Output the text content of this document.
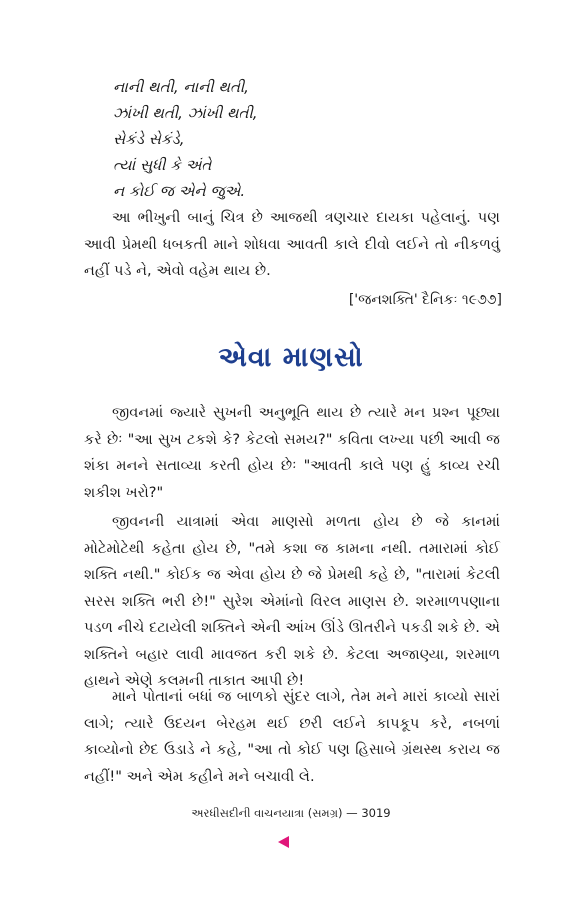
નાની થતી, નાની થતી,
ઝાંખી થતી, ઝાંખી થતી,
સેકંડે સેકંડે,
ત્યાં સુધી કે અંતે
ન કોઈ જ એને જુએ.

આ ભીખુની બાનું ચિત્ર છે આજથી ત્રણચાર દાયકા પહેલાનું. પણ આવી પ્રેમથી ધબકતી માને શોધવા આવતી કાલે દીવો લઈને તો નીકળવું નહીં પડે ને, એવો વહેમ થાય છે.

['જનશક્તિ' દૈનિકઃ ૧૯૭૭]
એવા માણસો

જીવનમાં જ્યારે સુખની અનુભૂતિ થાય છે ત્યારે મન પ્રશ્ન પૂછ્યા કરે છેઃ "આ સુખ ટકશે કે? કેટલો સમય?" કવિતા લખ્યા પછી આવી જ શંકા મનને સતાવ્યા કરતી હોય છેઃ "આવતી કાલે પણ હું કાવ્ય રચી શકીશ ખરો?"

જીવનની યાત્રામાં એવા માણસો મળતા હોય છે જે કાનમાં મોટેમોટેથી કહેતા હોય છે, "તમે કશા જ કામના નથી. તમારામાં કોઈ શક્તિ નથી." કોઈક જ એવા હોય છે જે પ્રેમથી કહે છે, "તારામાં કેટલી સરસ શક્તિ ભરી છે!" સુરેશ એમાંનો વિરલ માણસ છે. શરમાળપણાના પડળ નીચે દટાયેલી શક્તિને એની આંખ ઊંડે ઊતરીને પકડી શકે છે. એ શક્તિને બહાર લાવી માવજત કરી શકે છે. કેટલા અજાણ્યા, શરમાળ હાથને એણે કલમની તાકાત આપી છે!

માને પોતાનાં બધાં જ બાળકો સુંદર લાગે, તેમ મને મારાં કાવ્યો સારાં લાગે; ત્યારે ઉદયન બેરહમ થઈ છરી લઈને કાપકૂપ કરે, નબળાં કાવ્યોનો છેદ ઉડાડે ને કહે, "આ તો કોઈ પણ હિસાબે ગ્રંથસ્થ કરાય જ નહીં!" અને એમ કહીને મને બચાવી લે.

અરધીસદીની વાચનયાત્રા (સમગ્ર) — 3019
